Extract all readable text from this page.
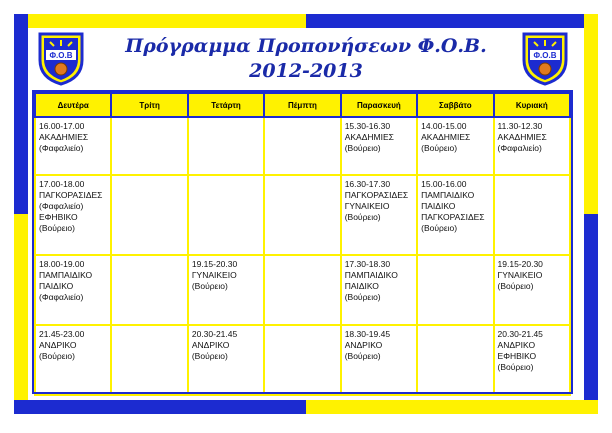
Φ.Ο.Β	Φ.Ο.Β
Πρόγραμμα Προπονήσεων Φ.Ο.Β.
2012-2013
Δευτέρα	Τρίτη	Τετάρτη	Πέμπτη	Παρασκευή	Σαββάτο	Κυριακή
16.00-17.00
ΑΚΑΔΗΜΙΕΣ
(Φαφαλιείο)				15.30-16.30
ΑΚΑΔΗΜΙΕΣ
(Βούρειο)	14.00-15.00
ΑΚΑΔΗΜΙΕΣ
(Βούρειο)	11.30-12.30
ΑΚΑΔΗΜΙΕΣ
(Φαφαλιείο)
17.00-18.00
ΠΑΓΚΟΡΑΣΙΔΕΣ
(Φαφαλιείο)
ΕΦΗΒΙΚΟ
(Βούρειο)				16.30-17.30
ΠΑΓΚΟΡΑΣΙΔΕΣ
ΓΥΝΑΙΚΕΙΟ
(Βούρειο)	15.00-16.00
ΠΑΜΠΑΙΔΙΚΟ
ΠΑΙΔΙΚΟ
ΠΑΓΚΟΡΑΣΙΔΕΣ
(Βούρειο)	
18.00-19.00
ΠΑΜΠΑΙΔΙΚΟ
ΠΑΙΔΙΚΟ
(Φαφαλιείο)		19.15-20.30
ΓΥΝΑΙΚΕΙΟ
(Βούρειο)		17.30-18.30
ΠΑΜΠΑΙΔΙΚΟ
ΠΑΙΔΙΚΟ
(Βούρειο)		19.15-20.30
ΓΥΝΑΙΚΕΙΟ
(Βούρειο)
21.45-23.00
ΑΝΔΡΙΚΟ
(Βούρειο)		20.30-21.45
ΑΝΔΡΙΚΟ
(Βούρειο)		18.30-19.45
ΑΝΔΡΙΚΟ
(Βούρειο)		20.30-21.45
ΑΝΔΡΙΚΟ
ΕΦΗΒΙΚΟ
(Βούρειο)
